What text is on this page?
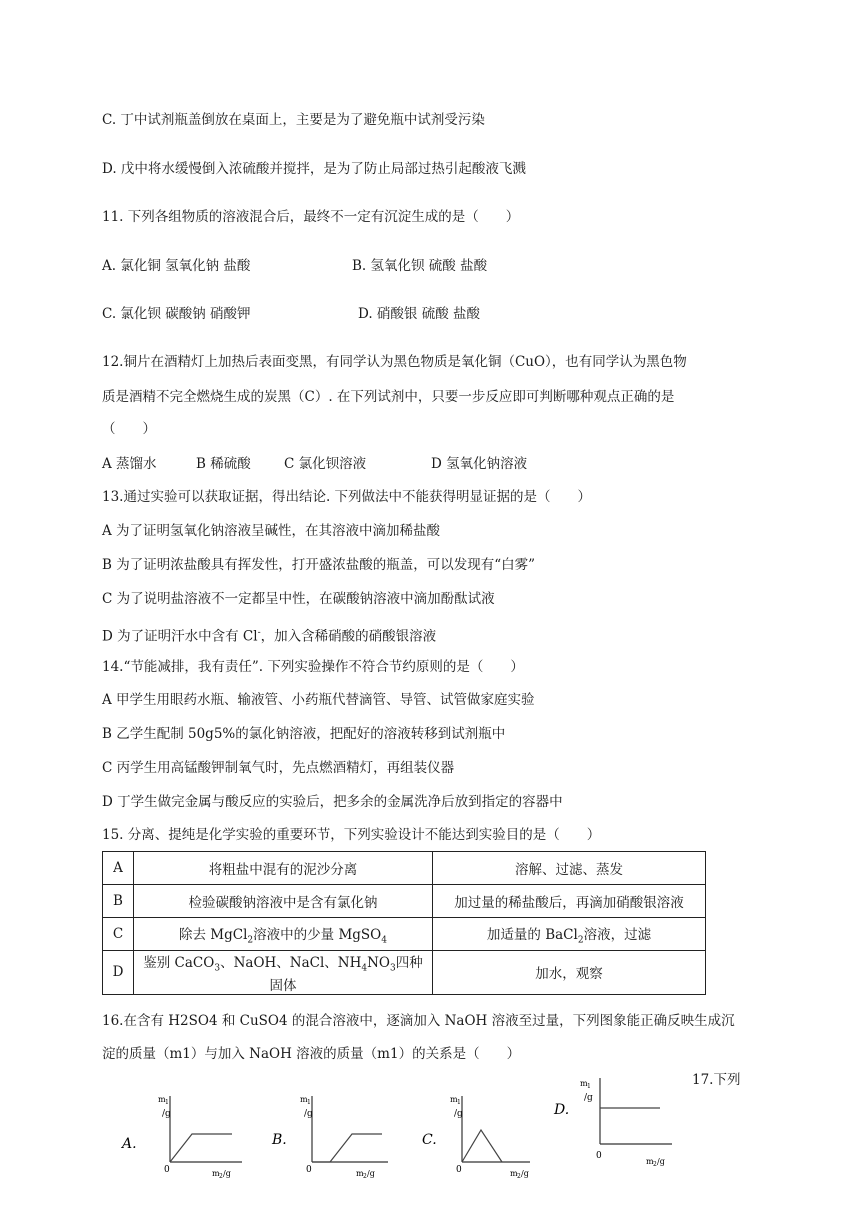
C. 丁中试剂瓶盖倒放在桌面上，主要是为了避免瓶中试剂受污染
D. 戊中将水缓慢倒入浓硫酸并搅拌，是为了防止局部过热引起酸液飞溅
11. 下列各组物质的溶液混合后，最终不一定有沉淀生成的是（　　）
A. 氯化铜 氢氧化钠 盐酸	B. 氢氧化钡 硫酸 盐酸
C. 氯化钡 碳酸钠 硝酸钾	D. 硝酸银 硫酸 盐酸
12.铜片在酒精灯上加热后表面变黑，有同学认为黑色物质是氧化铜（CuO），也有同学认为黑色物
质是酒精不完全燃烧生成的炭黑（C）. 在下列试剂中，只要一步反应即可判断哪种观点正确的是
（　　）
A 蒸馏水	B 稀硫酸 C 氯化钡溶液	D 氢氧化钠溶液
13.通过实验可以获取证据，得出结论. 下列做法中不能获得明显证据的是（　　）
A 为了证明氢氧化钠溶液呈碱性，在其溶液中滴加稀盐酸
B 为了证明浓盐酸具有挥发性，打开盛浓盐酸的瓶盖，可以发现有“白雾”
C 为了说明盐溶液不一定都呈中性，在碳酸钠溶液中滴加酚酞试液
D 为了证明汗水中含有 Cl-，加入含稀硝酸的硝酸银溶液
14.“节能减排，我有责任”. 下列实验操作不符合节约原则的是（　　）
A 甲学生用眼药水瓶、输液管、小药瓶代替滴管、导管、试管做家庭实验
B 乙学生配制 50g5%的氯化钠溶液，把配好的溶液转移到试剂瓶中
C 丙学生用高锰酸钾制氧气时，先点燃酒精灯，再组装仪器
D 丁学生做完金属与酸反应的实验后，把多余的金属洗净后放到指定的容器中
15. 分离、提纯是化学实验的重要环节，下列实验设计不能达到实验目的是（　　）
A	将粗盐中混有的泥沙分离	溶解、过滤、蒸发
B	检验碳酸钠溶液中是含有氯化钠	加过量的稀盐酸后，再滴加硝酸银溶液
C	除去 MgCl$_2$溶液中的少量 MgSO$_4$	加适量的 BaCl$_2$溶液，过滤
D	鉴别 CaCO$_3$、NaOH、NaCl、$NH_4NO_3$四种固体	加水，观察
16.在含有 H2SO4 和 CuSO4 的混合溶液中，逐滴加入 NaOH 溶液至过量，下列图象能正确反映生成沉
淀的质量（m1）与加入 NaOH 溶液的质量（m1）的关系是（　　）
17.下列
A.
m 1
/g
0	m 2 /g
B.
m 1
/g
0	m 2 /g
C.
m 1
/g
0	m 2 /g
D.
m 1
/g
0
m 2 /g
